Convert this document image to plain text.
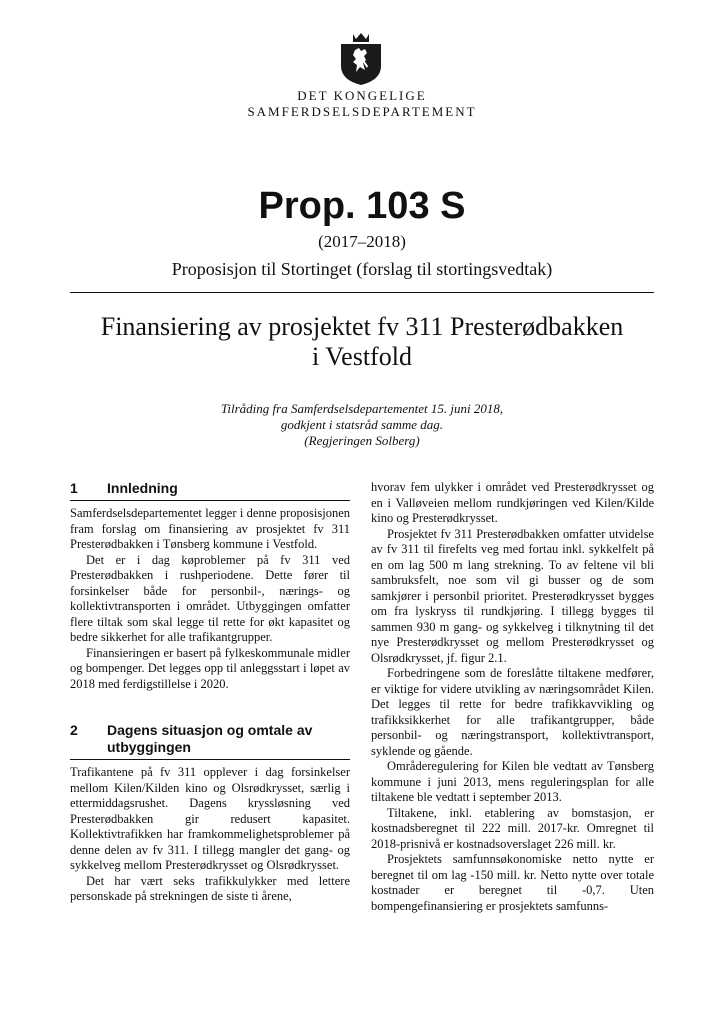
DET KONGELIGE
SAMFERDSELSDEPARTEMENT
Prop. 103 S
(2017–2018)
Proposisjon til Stortinget (forslag til stortingsvedtak)
Finansiering av prosjektet fv 311 Presterødbakken
i Vestfold
Tilråding fra Samferdselsdepartementet 15. juni 2018,
godkjent i statsråd samme dag.
(Regjeringen Solberg)
1	Innledning

Samferdselsdepartementet legger i denne proposisjonen fram forslag om finansiering av prosjektet fv 311 Presterødbakken i Tønsberg kommune i Vestfold.

Det er i dag køproblemer på fv 311 ved Presterødbakken i rushperiodene. Dette fører til forsinkelser både for personbil-, nærings- og kollektivtransporten i området. Utbyggingen omfatter flere tiltak som skal legge til rette for økt kapasitet og bedre sikkerhet for alle trafikantgrupper.

Finansieringen er basert på fylkeskommunale midler og bompenger. Det legges opp til anleggsstart i løpet av 2018 med ferdigstillelse i 2020.

2	Dagens situasjon og omtale av utbyggingen

Trafikantene på fv 311 opplever i dag forsinkelser mellom Kilen/Kilden kino og Olsrødkrysset, særlig i ettermiddagsrushet. Dagens kryssløsning ved Presterødbakken gir redusert kapasitet. Kollektivtrafikken har framkommelighetsproblemer på denne delen av fv 311. I tillegg mangler det gang- og sykkelveg mellom Presterødkrysset og Olsrødkrysset.

Det har vært seks trafikkulykker med lettere personskade på strekningen de siste ti årene,

hvorav fem ulykker i området ved Presterødkrysset og en i Valløveien mellom rundkjøringen ved Kilen/Kilde kino og Presterødkrysset.

Prosjektet fv 311 Presterødbakken omfatter utvidelse av fv 311 til firefelts veg med fortau inkl. sykkelfelt på en om lag 500 m lang strekning. To av feltene vil bli sambruksfelt, noe som vil gi busser og de som samkjører i personbil prioritet. Presterødkrysset bygges om fra lyskryss til rundkjøring. I tillegg bygges til sammen 930 m gang- og sykkelveg i tilknytning til det nye Presterødkrysset og mellom Presterødkrysset og Olsrødkrysset, jf. figur 2.1.

Forbedringene som de foreslåtte tiltakene medfører, er viktige for videre utvikling av næringsområdet Kilen. Det legges til rette for bedre trafikkavvikling og trafikksikkerhet for alle trafikantgrupper, både personbil- og næringstransport, kollektivtransport, syklende og gående.

Områderegulering for Kilen ble vedtatt av Tønsberg kommune i juni 2013, mens reguleringsplan for alle tiltakene ble vedtatt i september 2013.

Tiltakene, inkl. etablering av bomstasjon, er kostnadsberegnet til 222 mill. 2017-kr. Omregnet til 2018-prisnivå er kostnadsoverslaget 226 mill. kr.

Prosjektets samfunnsøkonomiske netto nytte er beregnet til om lag -150 mill. kr. Netto nytte over totale kostnader er beregnet til -0,7. Uten bompengefinansiering er prosjektets samfunns-
